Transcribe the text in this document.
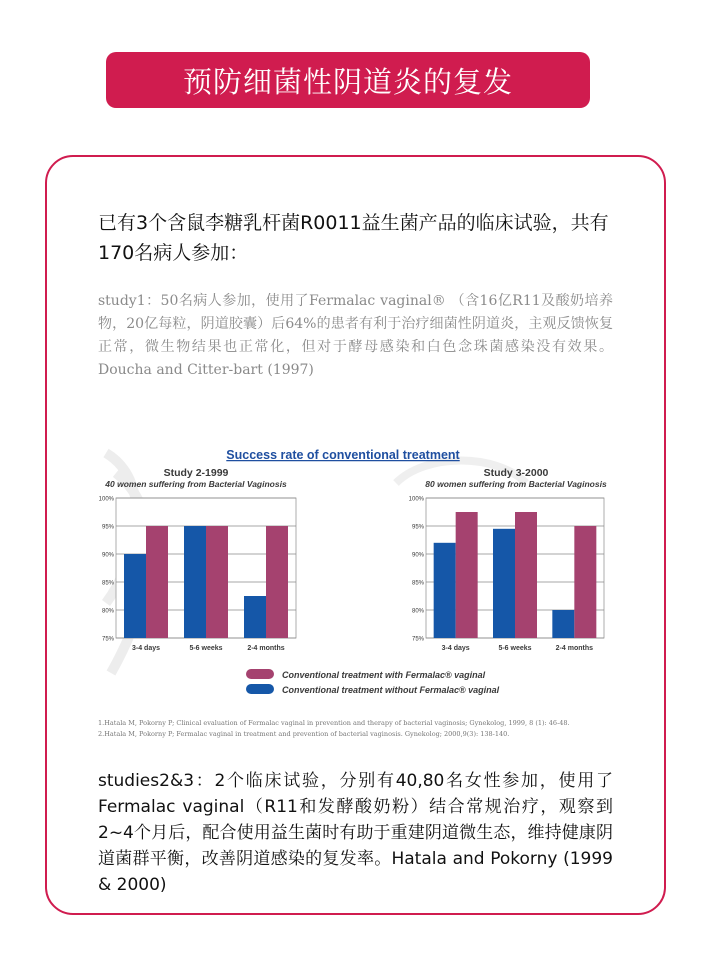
预防细菌性阴道炎的复发
已有3个含鼠李糖乳杆菌R0011益生菌产品的临床试验，共有170名病人参加：
study1：50名病人参加，使用了Fermalac vaginal® （含16亿R11及酸奶培养物，20亿每粒，阴道胶囊）后64%的患者有利于治疗细菌性阴道炎，主观反馈恢复正常，微生物结果也正常化，但对于酵母感染和白色念珠菌感染没有效果。Doucha and Citter-bart (1997)
Success rate of conventional treatment
Study 2-1999
40 women suffering from Bacterial Vaginosis
75%
80%
85%
90%
95%
100%
3-4 days	5-6 weeks	2-4 months
Study 3-2000
80 women suffering from Bacterial Vaginosis
75%
80%
85%
90%
95%
100%
3-4 days	5-6 weeks	2-4 months
Conventional treatment with Fermalac® vaginal
Conventional treatment without Fermalac® vaginal
1.Hatala M, Pokorny P; Clinical evaluation of Fermalac vaginal in prevention and therapy of bacterial vaginosis; Gynekolog, 1999, 8 (1): 46-48.
2.Hatala M, Pokorny P; Fermalac vaginal in treatment and prevention of bacterial vaginosis. Gynekolog; 2000,9(3): 138-140.
studies2&3：2个临床试验，分别有40,80名女性参加，使用了Fermalac vaginal（R11和发酵酸奶粉）结合常规治疗，观察到2~4个月后，配合使用益生菌时有助于重建阴道微生态，维持健康阴道菌群平衡，改善阴道感染的复发率。Hatala and Pokorny (1999 & 2000)
